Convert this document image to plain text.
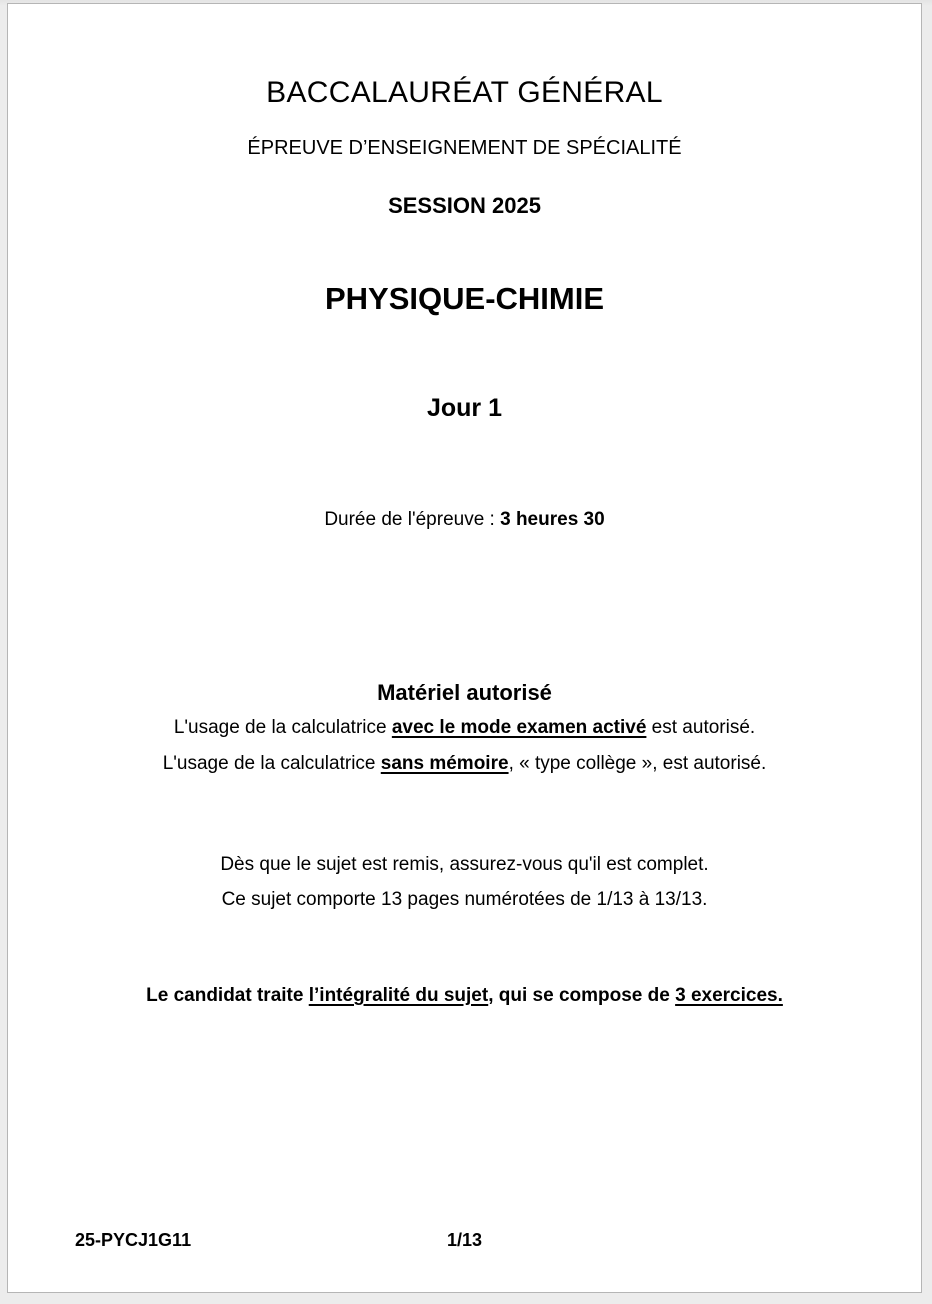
BACCALAURÉAT GÉNÉRAL
ÉPREUVE D’ENSEIGNEMENT DE SPÉCIALITÉ
SESSION 2025
PHYSIQUE-CHIMIE
Jour 1
Durée de l'épreuve : 3 heures 30
Matériel autorisé
L'usage de la calculatrice avec le mode examen activé est autorisé.
L'usage de la calculatrice sans mémoire, « type collège », est autorisé.
Dès que le sujet est remis, assurez-vous qu'il est complet.
Ce sujet comporte 13 pages numérotées de 1/13 à 13/13.
Le candidat traite l’intégralité du sujet, qui se compose de 3 exercices.
25-PYCJ1G11	1/13
